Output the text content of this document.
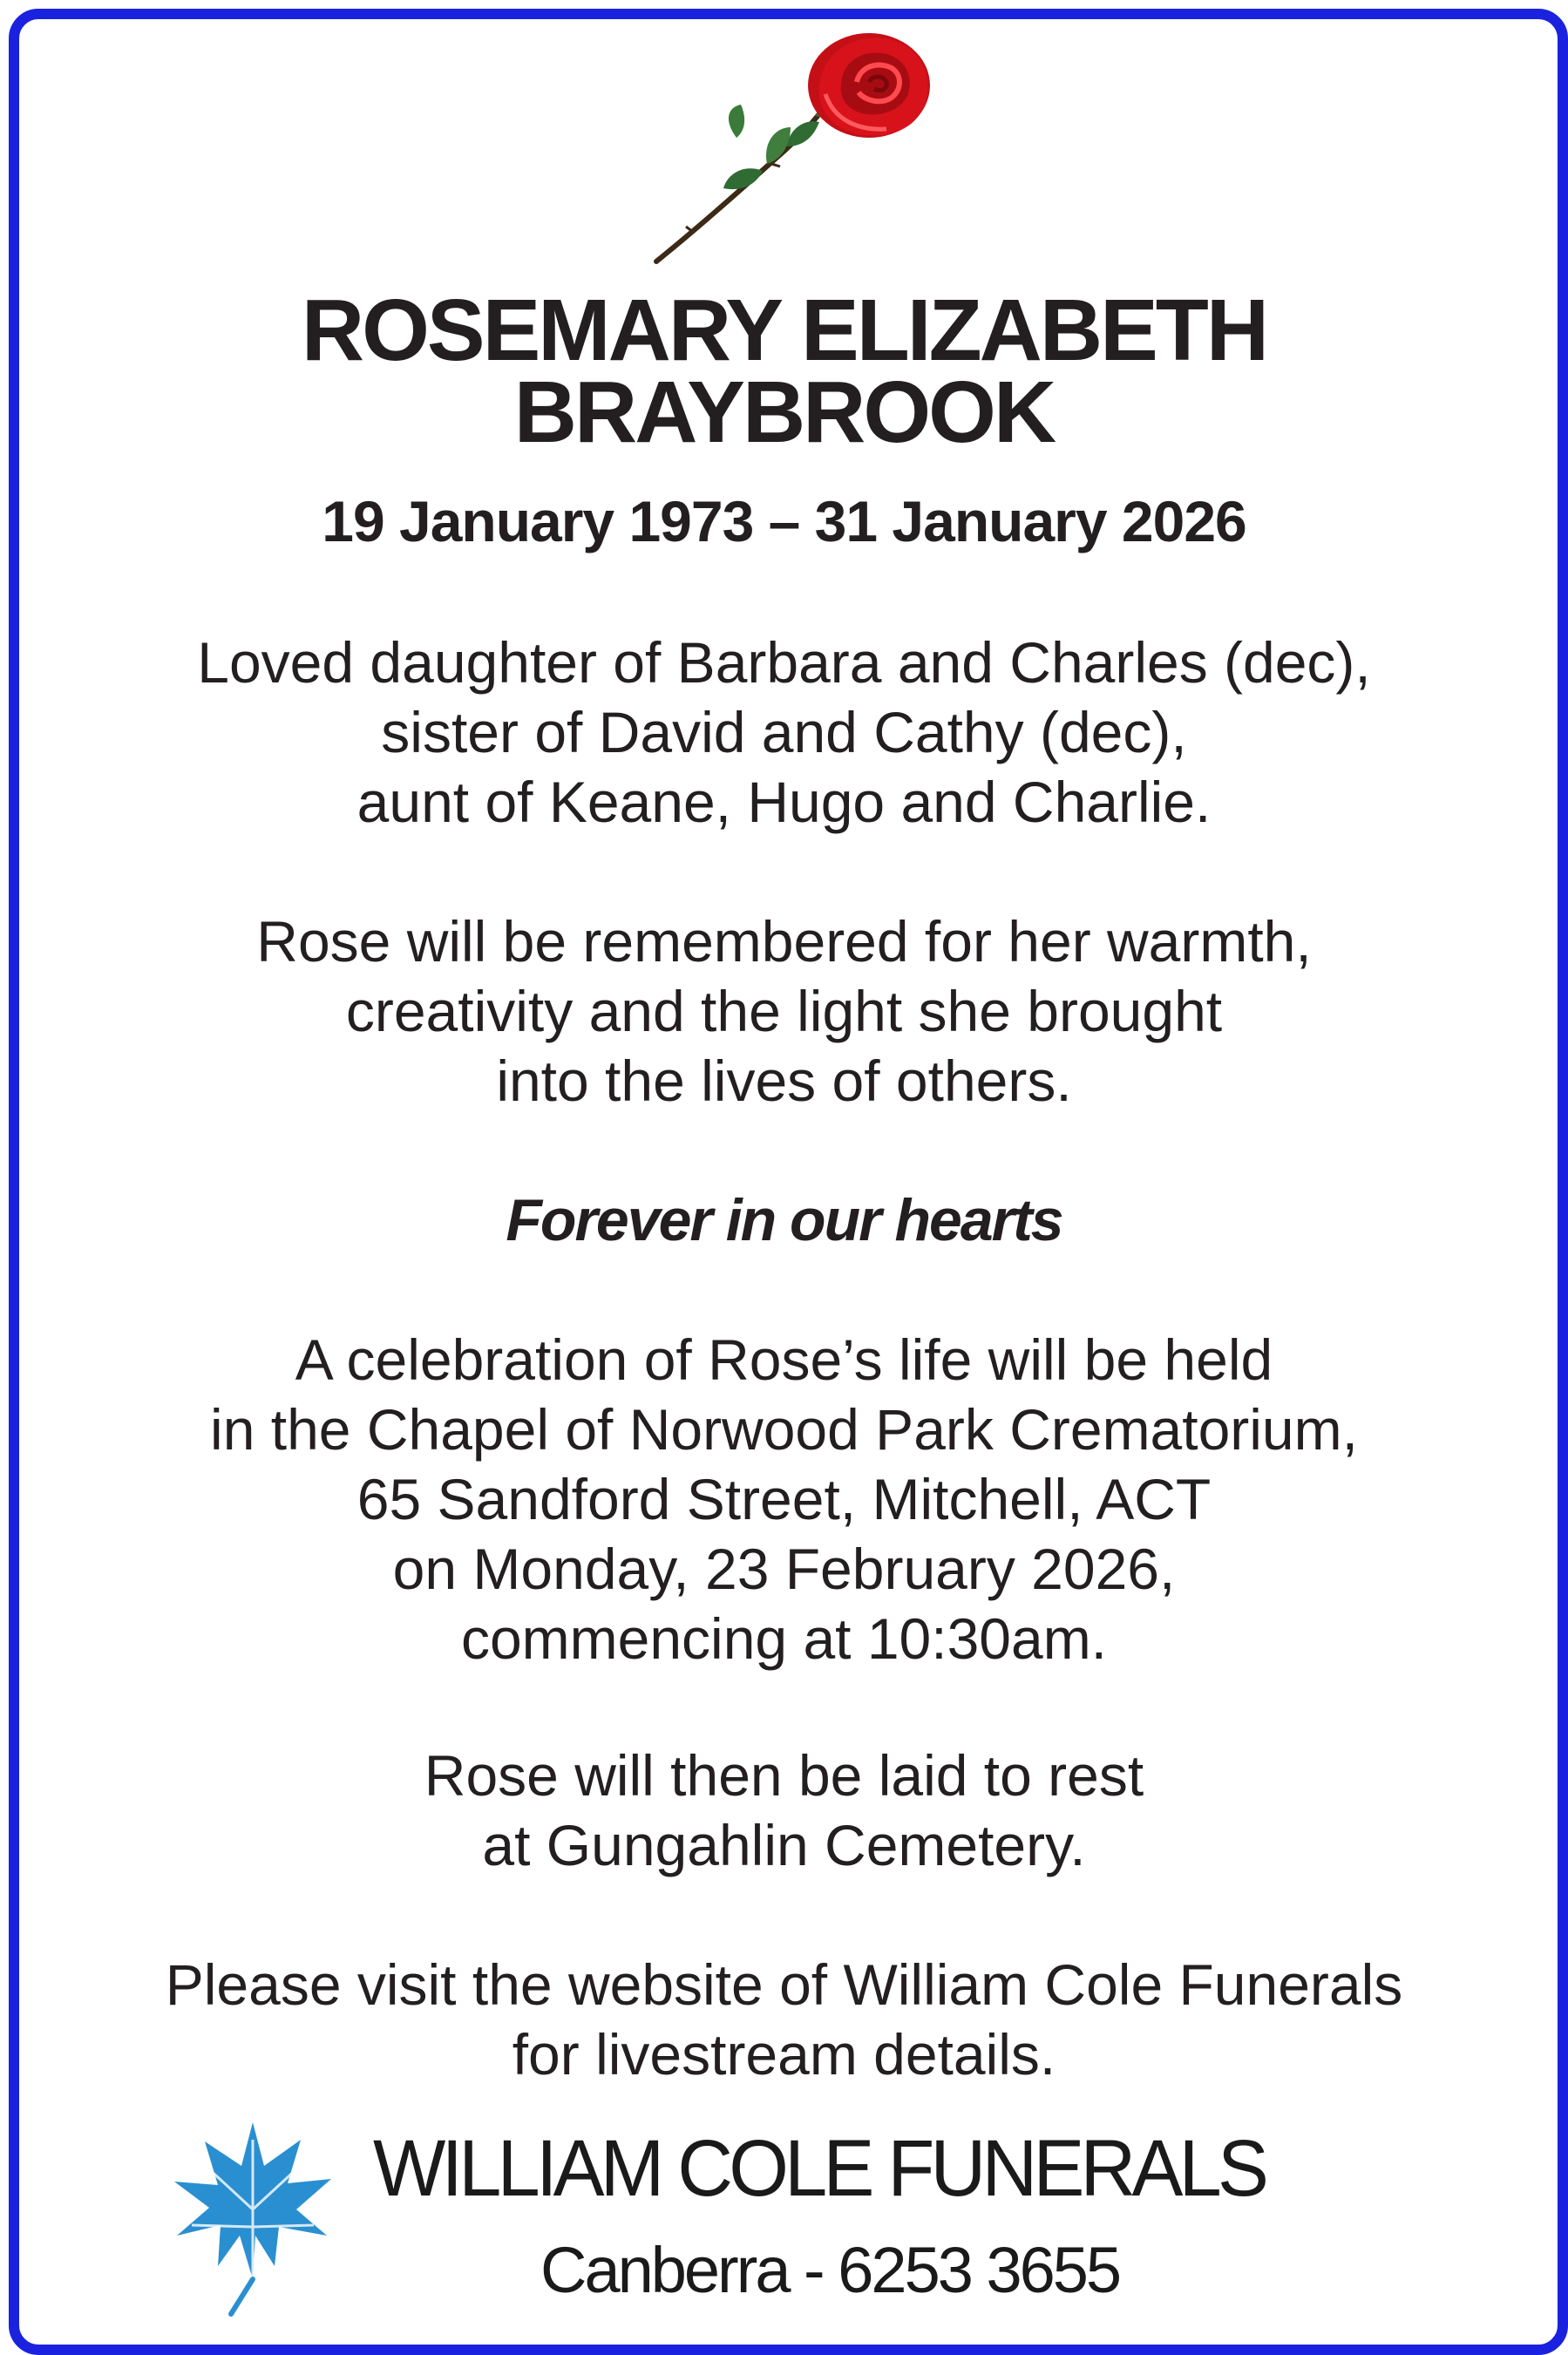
ROSEMARY ELIZABETH
BRAYBROOK
19 January 1973 – 31 January 2026
Loved daughter of Barbara and Charles (dec),
sister of David and Cathy (dec),
aunt of Keane, Hugo and Charlie.
Rose will be remembered for her warmth,
creativity and the light she brought
into the lives of others.
Forever in our hearts
A celebration of Rose’s life will be held
in the Chapel of Norwood Park Crematorium,
65 Sandford Street, Mitchell, ACT
on Monday, 23 February 2026,
commencing at 10:30am.
Rose will then be laid to rest
at Gungahlin Cemetery.
Please visit the website of William Cole Funerals
for livestream details.
WILLIAM COLE FUNERALS
Canberra - 6253 3655
